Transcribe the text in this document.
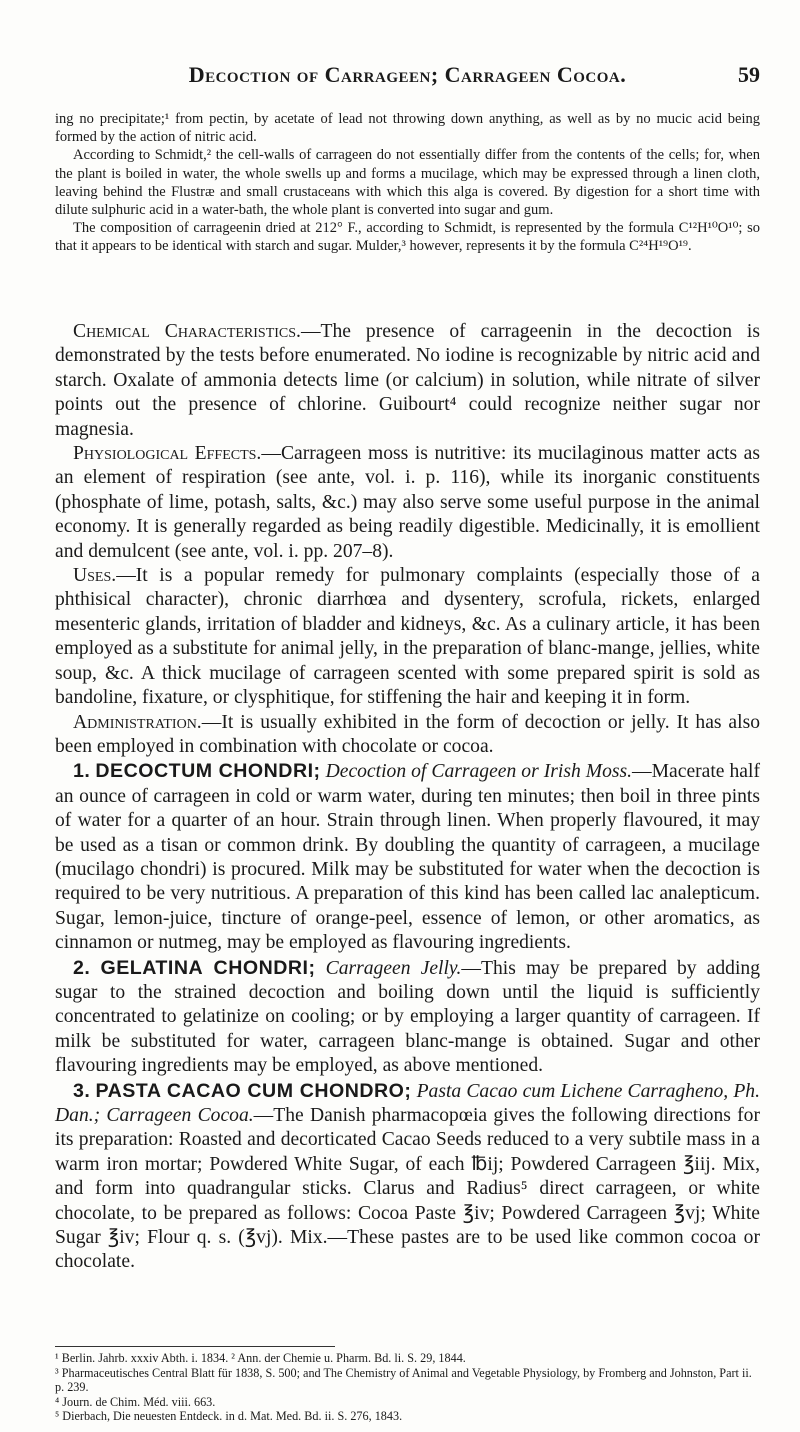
Decoction of Carrageen; Carrageen Cocoa.	59

ing no precipitate;¹ from pectin, by acetate of lead not throwing down anything, as well as by no mucic acid being formed by the action of nitric acid.

According to Schmidt,² the cell-walls of carrageen do not essentially differ from the contents of the cells; for, when the plant is boiled in water, the whole swells up and forms a mucilage, which may be expressed through a linen cloth, leaving behind the Flustræ and small crustaceans with which this alga is covered. By digestion for a short time with dilute sulphuric acid in a water-bath, the whole plant is converted into sugar and gum.

The composition of carrageenin dried at 212° F., according to Schmidt, is represented by the formula C¹²H¹⁰O¹⁰; so that it appears to be identical with starch and sugar. Mulder,³ however, represents it by the formula C²⁴H¹⁹O¹⁹.

Chemical Characteristics.—The presence of carrageenin in the decoction is demonstrated by the tests before enumerated. No iodine is recognizable by nitric acid and starch. Oxalate of ammonia detects lime (or calcium) in solution, while nitrate of silver points out the presence of chlorine. Guibourt⁴ could recognize neither sugar nor magnesia.

Physiological Effects.—Carrageen moss is nutritive: its mucilaginous matter acts as an element of respiration (see ante, vol. i. p. 116), while its inorganic constituents (phosphate of lime, potash, salts, &c.) may also serve some useful purpose in the animal economy. It is generally regarded as being readily digestible. Medicinally, it is emollient and demulcent (see ante, vol. i. pp. 207–8).

Uses.—It is a popular remedy for pulmonary complaints (especially those of a phthisical character), chronic diarrhœa and dysentery, scrofula, rickets, enlarged mesenteric glands, irritation of bladder and kidneys, &c. As a culinary article, it has been employed as a substitute for animal jelly, in the preparation of blanc-mange, jellies, white soup, &c. A thick mucilage of carrageen scented with some prepared spirit is sold as bandoline, fixature, or clysphitique, for stiffening the hair and keeping it in form.

Administration.—It is usually exhibited in the form of decoction or jelly. It has also been employed in combination with chocolate or cocoa.

1. DECOCTUM CHONDRI; Decoction of Carrageen or Irish Moss.—Macerate half an ounce of carrageen in cold or warm water, during ten minutes; then boil in three pints of water for a quarter of an hour. Strain through linen. When properly flavoured, it may be used as a tisan or common drink. By doubling the quantity of carrageen, a mucilage (mucilago chondri) is procured. Milk may be substituted for water when the decoction is required to be very nutritious. A preparation of this kind has been called lac analepticum. Sugar, lemon-juice, tincture of orange-peel, essence of lemon, or other aromatics, as cinnamon or nutmeg, may be employed as flavouring ingredients.

2. GELATINA CHONDRI; Carrageen Jelly.—This may be prepared by adding sugar to the strained decoction and boiling down until the liquid is sufficiently concentrated to gelatinize on cooling; or by employing a larger quantity of carrageen. If milk be substituted for water, carrageen blanc-mange is obtained. Sugar and other flavouring ingredients may be employed, as above mentioned.

3. PASTA CACAO CUM CHONDRO; Pasta Cacao cum Lichene Carragheno, Ph. Dan.; Carrageen Cocoa.—The Danish pharmacopœia gives the following directions for its preparation: Roasted and decorticated Cacao Seeds reduced to a very subtile mass in a warm iron mortar; Powdered White Sugar, of each ℔ij; Powdered Carrageen ℥iij. Mix, and form into quadrangular sticks. Clarus and Radius⁵ direct carrageen, or white chocolate, to be prepared as follows: Cocoa Paste ℥iv; Powdered Carrageen ℥vj; White Sugar ℥iv; Flour q. s. (℥vj). Mix.—These pastes are to be used like common cocoa or chocolate.

¹ Berlin. Jahrb. xxxiv Abth. i. 1834. ² Ann. der Chemie u. Pharm. Bd. li. S. 29, 1844.

³ Pharmaceutisches Central Blatt für 1838, S. 500; and The Chemistry of Animal and Vegetable Physiology, by Fromberg and Johnston, Part ii. p. 239.

⁴ Journ. de Chim. Méd. viii. 663.

⁵ Dierbach, Die neuesten Entdeck. in d. Mat. Med. Bd. ii. S. 276, 1843.
